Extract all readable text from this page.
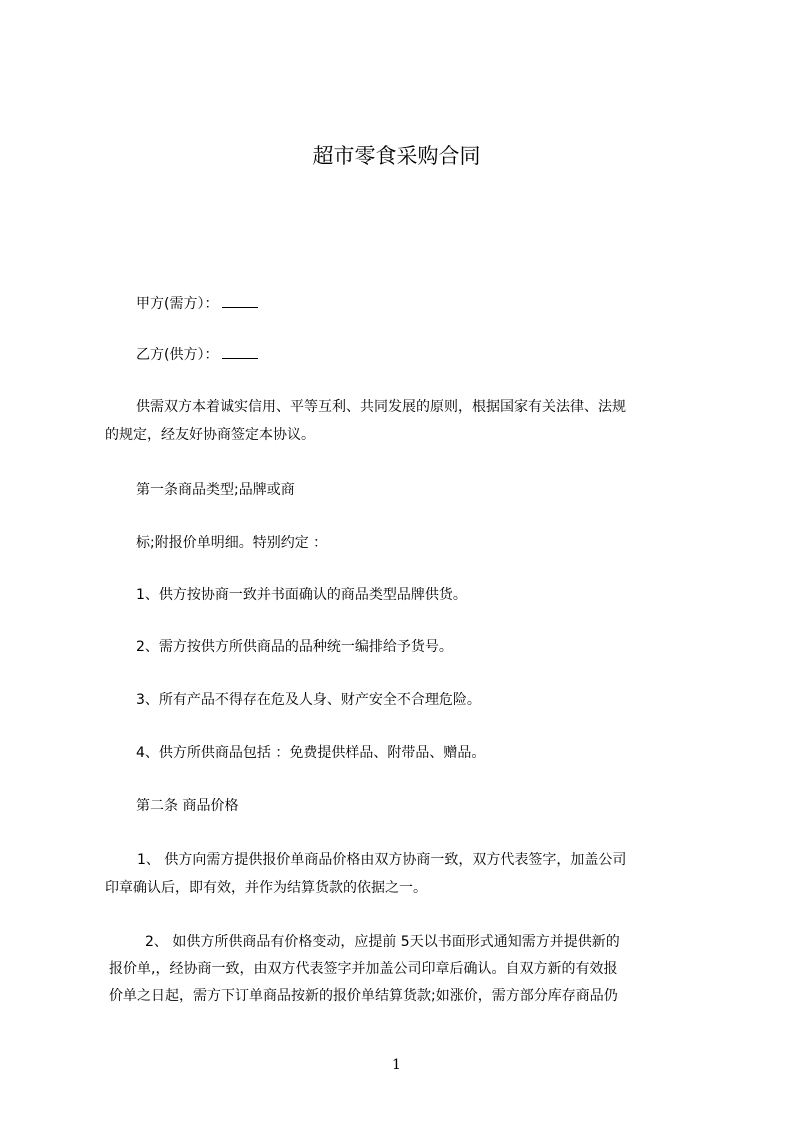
超市零食采购合同
甲方(需方）：
乙方(供方）：
供需双方本着诚实信用、平等互利、共同发展的原则，根据国家有关法律、法规
的规定，经友好协商签定本协议。
第一条商品类型;品牌或商
标;附报价单明细。特别约定 ：
1、供方按协商一致并书面确认的商品类型品牌供货。
2、需方按供方所供商品的品种统一编排给予货号。
3、所有产品不得存在危及人身、财产安全不合理危险。
4、供方所供商品包括 ：免费提供样品、附带品、赠品。
第二条 商品价格
1、 供方向需方提供报价单商品价格由双方协商一致，双方代表签字，加盖公司
印章确认后，即有效，并作为结算货款的依据之一。
2、 如供方所供商品有价格变动，应提前 5天以书面形式通知需方并提供新的
报价单,，经协商一致，由双方代表签字并加盖公司印章后确认。自双方新的有效报
价单之日起，需方下订单商品按新的报价单结算货款;如涨价，需方部分库存商品仍
1
